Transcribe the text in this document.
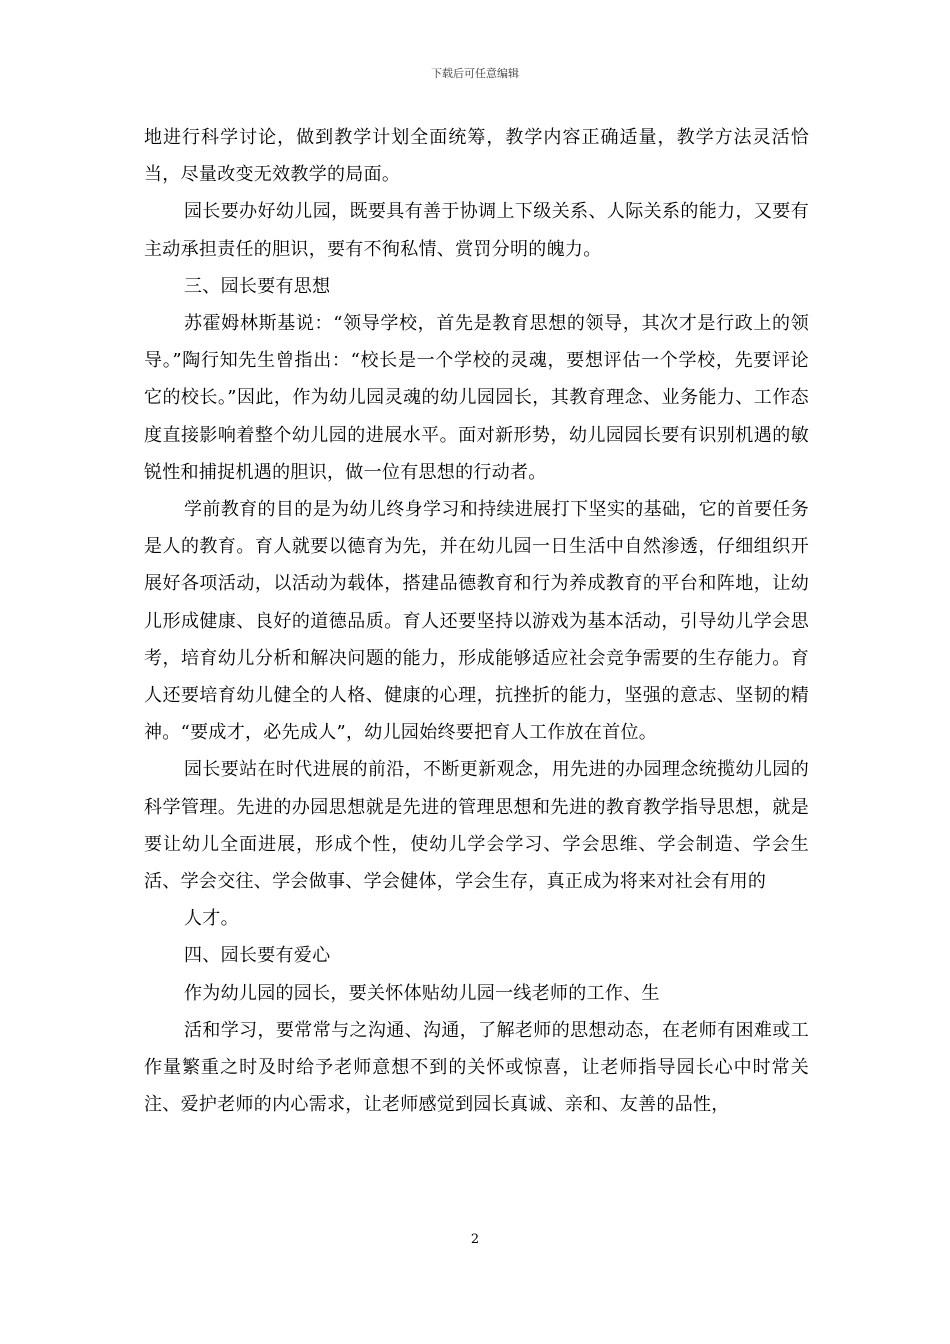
下载后可任意编辑

地进行科学讨论，做到教学计划全面统筹，教学内容正确适量，教学方法灵活恰当，尽量改变无效教学的局面。

园长要办好幼儿园，既要具有善于协调上下级关系、人际关系的能力，又要有主动承担责任的胆识，要有不徇私情、赏罚分明的魄力。

三、园长要有思想

苏霍姆林斯基说：“领导学校，首先是教育思想的领导，其次才是行政上的领导。”陶行知先生曾指出：“校长是一个学校的灵魂，要想评估一个学校，先要评论它的校长。”因此，作为幼儿园灵魂的幼儿园园长，其教育理念、业务能力、工作态度直接影响着整个幼儿园的进展水平。面对新形势，幼儿园园长要有识别机遇的敏锐性和捕捉机遇的胆识，做一位有思想的行动者。

学前教育的目的是为幼儿终身学习和持续进展打下坚实的基础，它的首要任务是人的教育。育人就要以德育为先，并在幼儿园一日生活中自然渗透，仔细组织开展好各项活动，以活动为载体，搭建品德教育和行为养成教育的平台和阵地，让幼儿形成健康、良好的道德品质。育人还要坚持以游戏为基本活动，引导幼儿学会思考，培育幼儿分析和解决问题的能力，形成能够适应社会竞争需要的生存能力。育人还要培育幼儿健全的人格、健康的心理，抗挫折的能力，坚强的意志、坚韧的精神。“要成才，必先成人”，幼儿园始终要把育人工作放在首位。

园长要站在时代进展的前沿，不断更新观念，用先进的办园理念统揽幼儿园的科学管理。先进的办园思想就是先进的管理思想和先进的教育教学指导思想，就是要让幼儿全面进展，形成个性，使幼儿学会学习、学会思维、学会制造、学会生活、学会交往、学会做事、学会健体，学会生存，真正成为将来对社会有用的

人才。

四、园长要有爱心

作为幼儿园的园长，要关怀体贴幼儿园一线老师的工作、生

活和学习，要常常与之沟通、沟通，了解老师的思想动态，在老师有困难或工作量繁重之时及时给予老师意想不到的关怀或惊喜，让老师指导园长心中时常关注、爱护老师的内心需求，让老师感觉到园长真诚、亲和、友善的品性，

2
